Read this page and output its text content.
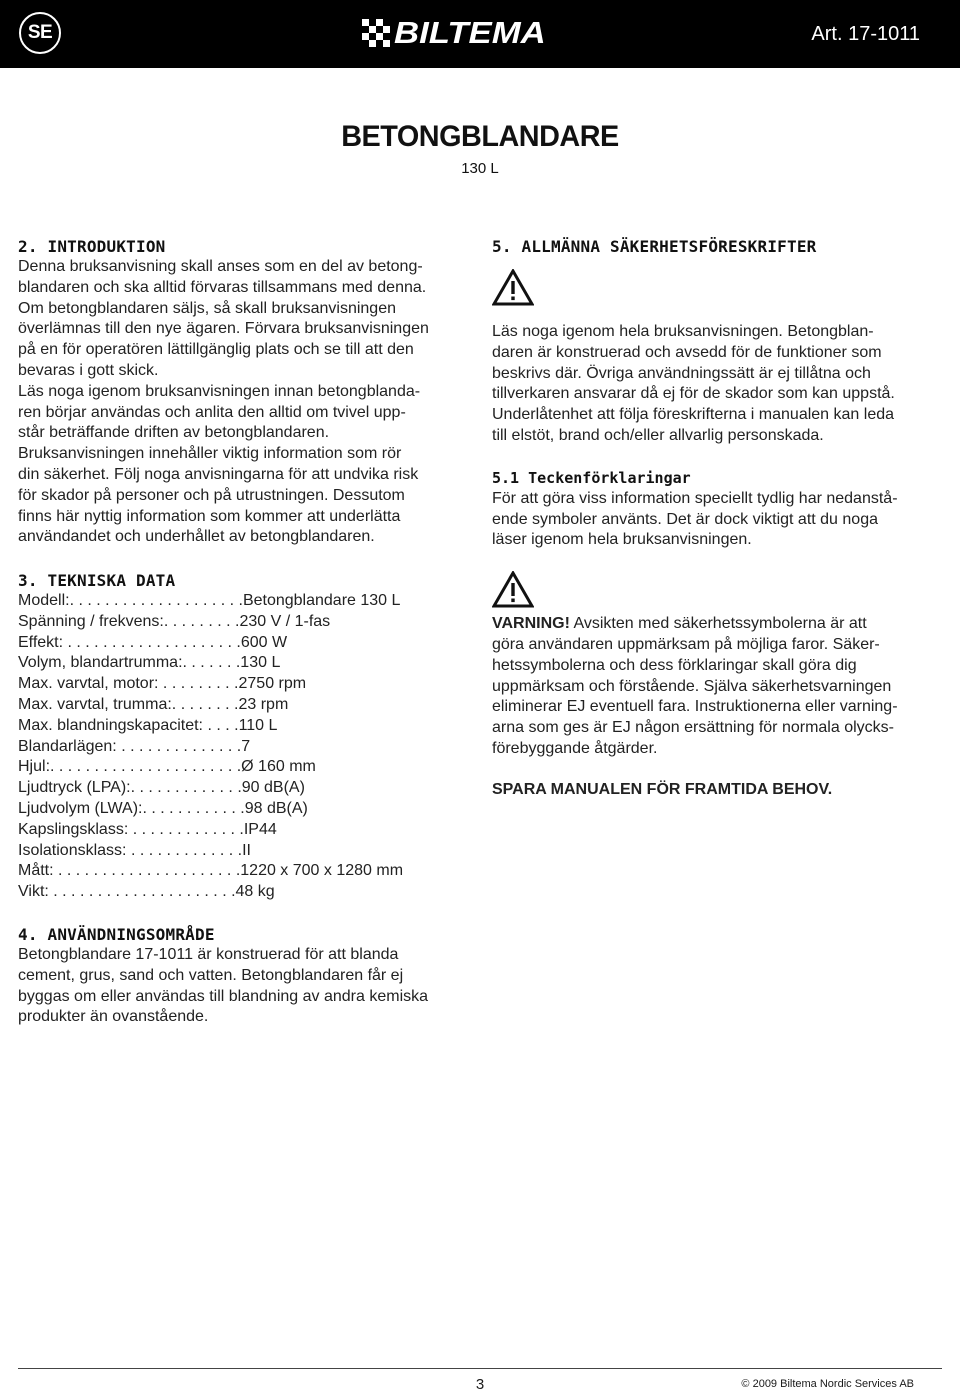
SE	BILTEMA	Art. 17-1011
BETONGBLANDARE
130 L
2. INTRODUKTION

Denna bruksanvisning skall anses som en del av betong-

blandaren och ska alltid förvaras tillsammans med denna.

Om betongblandaren säljs, så skall bruksanvisningen

överlämnas till den nye ägaren. Förvara bruksanvisningen

på en för operatören lättillgänglig plats och se till att den

bevaras i gott skick.

Läs noga igenom bruksanvisningen innan betongblanda-

ren börjar användas och anlita den alltid om tvivel upp-

står beträffande driften av betongblandaren.

Bruksanvisningen innehåller viktig information som rör

din säkerhet. Följ noga anvisningarna för att undvika risk

för skador på personer och på utrustningen. Dessutom

finns här nyttig information som kommer att underlätta

användandet och underhållet av betongblandaren.

3. TEKNISKA DATA
Modell:. . . . . . . . . . . . . . . . . . . .Betongblandare 130 L
Spänning / frekvens:. . . . . . . . .230 V / 1-fas
Effekt: . . . . . . . . . . . . . . . . . . . .600 W
Volym, blandartrumma:. . . . . . .130 L
Max. varvtal, motor: . . . . . . . . .2750 rpm
Max. varvtal, trumma:. . . . . . . .23 rpm
Max. blandningskapacitet: . . . .110 L
Blandarlägen: . . . . . . . . . . . . . .7
Hjul:. . . . . . . . . . . . . . . . . . . . . .Ø 160 mm
Ljudtryck (LPA):. . . . . . . . . . . . .90 dB(A)
Ljudvolym (LWA):. . . . . . . . . . . .98 dB(A)
Kapslingsklass: . . . . . . . . . . . . .IP44
Isolationsklass: . . . . . . . . . . . . .II
Mått: . . . . . . . . . . . . . . . . . . . . .1220 x 700 x 1280 mm
Vikt: . . . . . . . . . . . . . . . . . . . . .48 kg
4. ANVÄNDNINGSOMRÅDE

Betongblandare 17-1011 är konstruerad för att blanda

cement, grus, sand och vatten. Betongblandaren får ej

byggas om eller användas till blandning av andra kemiska

produkter än ovanstående.

5. ALLMÄNNA SÄKERHETSFÖRESKRIFTER

Läs noga igenom hela bruksanvisningen. Betongblan-

daren är konstruerad och avsedd för de funktioner som

beskrivs där. Övriga användningssätt är ej tillåtna och

tillverkaren ansvarar då ej för de skador som kan uppstå.

Underlåtenhet att följa föreskrifterna i manualen kan leda

till elstöt, brand och/eller allvarlig personskada.

5.1 Teckenförklaringar

För att göra viss information speciellt tydlig har nedanstå-

ende symboler använts. Det är dock viktigt att du noga

läser igenom hela bruksanvisningen.

VARNING! Avsikten med säkerhetssymbolerna är att

göra användaren uppmärksam på möjliga faror. Säker-

hetssymbolerna och dess förklaringar skall göra dig

uppmärksam och förstående. Själva säkerhetsvarningen

eliminerar EJ eventuell fara. Instruktionerna eller varning-

arna som ges är EJ någon ersättning för normala olycks-

förebyggande åtgärder.

SPARA MANUALEN FÖR FRAMTIDA BEHOV.

3	© 2009 Biltema Nordic Services AB
